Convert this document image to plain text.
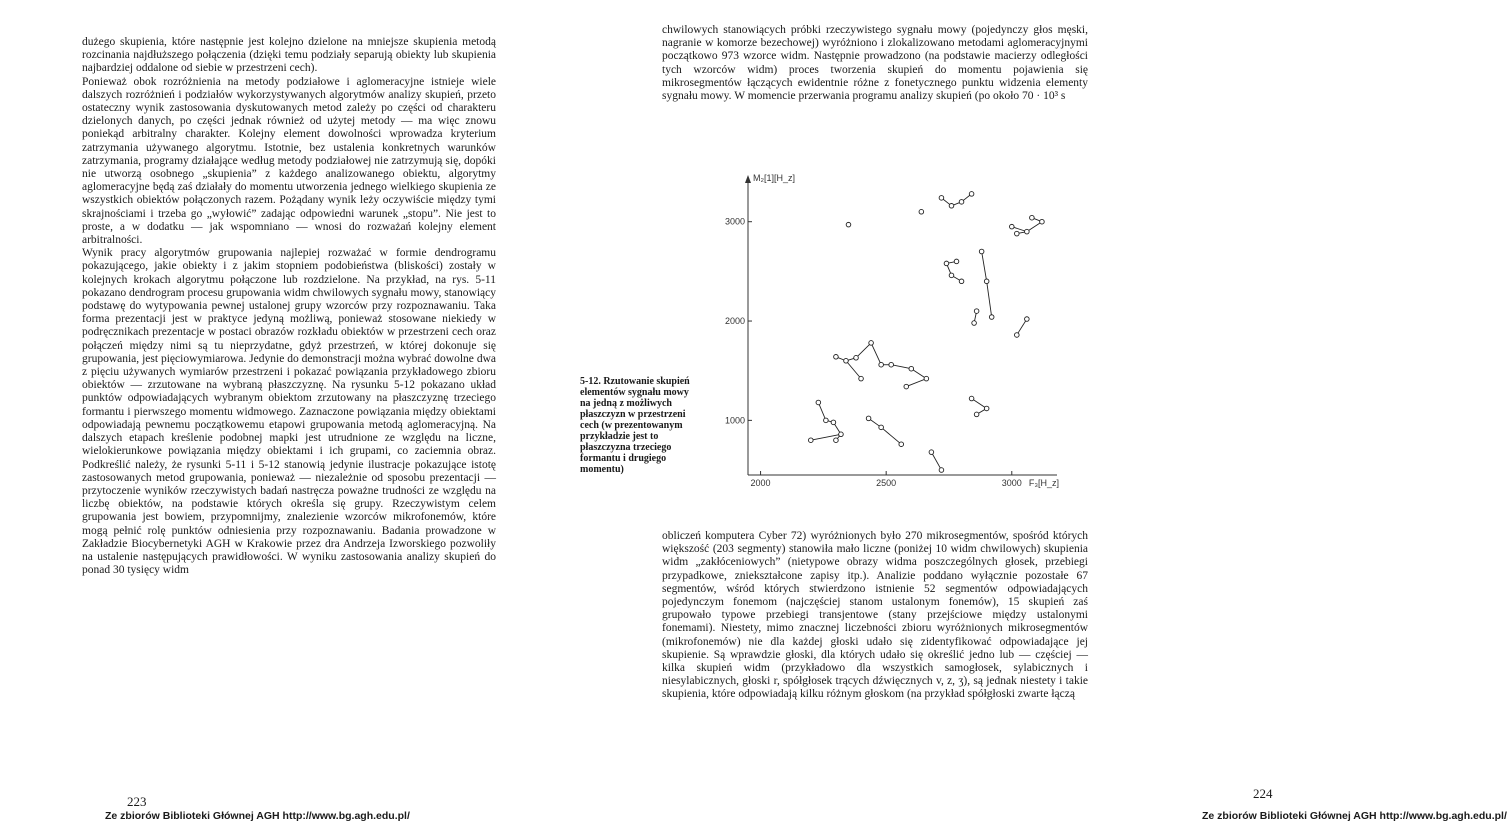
dużego skupienia, które następnie jest kolejno dzielone na mniejsze skupienia metodą rozcinania najdłuższego połączenia (dzięki temu podziały separują obiekty lub skupienia najbardziej oddalone od siebie w przestrzeni cech).

Ponieważ obok rozróżnienia na metody podziałowe i aglomeracyjne istnieje wiele dalszych rozróżnień i podziałów wykorzystywanych algorytmów analizy skupień, przeto ostateczny wynik zastosowania dyskutowanych metod zależy po części od charakteru dzielonych danych, po części jednak również od użytej metody — ma więc znowu poniekąd arbitralny charakter. Kolejny element dowolności wprowadza kryterium zatrzymania używanego algorytmu. Istotnie, bez ustalenia konkretnych warunków zatrzymania, programy działające według metody podziałowej nie zatrzymują się, dopóki nie utworzą osobnego „skupienia” z każdego analizowanego obiektu, algorytmy aglomeracyjne będą zaś działały do momentu utworzenia jednego wielkiego skupienia ze wszystkich obiektów połączonych razem. Pożądany wynik leży oczywiście między tymi skrajnościami i trzeba go „wyłowić” zadając odpowiedni warunek „stopu”. Nie jest to proste, a w dodatku — jak wspomniano — wnosi do rozważań kolejny element arbitralności.

Wynik pracy algorytmów grupowania najlepiej rozważać w formie dendrogramu pokazującego, jakie obiekty i z jakim stopniem podobieństwa (bliskości) zostały w kolejnych krokach algorytmu połączone lub rozdzielone. Na przykład, na rys. 5-11 pokazano dendrogram procesu grupowania widm chwilowych sygnału mowy, stanowiący podstawę do wytypowania pewnej ustalonej grupy wzorców przy rozpoznawaniu. Taka forma prezentacji jest w praktyce jedyną możliwą, ponieważ stosowane niekiedy w podręcznikach prezentacje w postaci obrazów rozkładu obiektów w przestrzeni cech oraz połączeń między nimi są tu nieprzydatne, gdyż przestrzeń, w której dokonuje się grupowania, jest pięciowymiarowa. Jedynie do demonstracji można wybrać dowolne dwa z pięciu używanych wymiarów przestrzeni i pokazać powiązania przykładowego zbioru obiektów — zrzutowane na wybraną płaszczyznę. Na rysunku 5-12 pokazano układ punktów odpowiadających wybranym obiektom zrzutowany na płaszczyznę trzeciego formantu i pierwszego momentu widmowego. Zaznaczone powiązania między obiektami odpowiadają pewnemu początkowemu etapowi grupowania metodą aglomeracyjną. Na dalszych etapach kreślenie podobnej mapki jest utrudnione ze względu na liczne, wielokierunkowe powiązania między obiektami i ich grupami, co zaciemnia obraz. Podkreślić należy, że rysunki 5-11 i 5-12 stanowią jedynie ilustracje pokazujące istotę zastosowanych metod grupowania, ponieważ — niezależnie od sposobu prezentacji — przytoczenie wyników rzeczywistych badań nastręcza poważne trudności ze względu na liczbę obiektów, na podstawie których określa się grupy. Rzeczywistym celem grupowania jest bowiem, przypomnijmy, znalezienie wzorców mikrofonemów, które mogą pełnić rolę punktów odniesienia przy rozpoznawaniu. Badania prowadzone w Zakładzie Biocybernetyki AGH w Krakowie przez dra Andrzeja Izworskiego pozwoliły na ustalenie następujących prawidłowości. W wyniku zastosowania analizy skupień do ponad 30 tysięcy widm

223
Ze zbiorów Biblioteki Głównej AGH http://www.bg.agh.edu.pl/

chwilowych stanowiących próbki rzeczywistego sygnału mowy (pojedynczy głos męski, nagranie w komorze bezechowej) wyróżniono i zlokalizowano metodami aglomeracyjnymi początkowo 973 wzorce widm. Następnie prowadzono (na podstawie macierzy odległości tych wzorców widm) proces tworzenia skupień do momentu pojawienia się mikrosegmentów łączących ewidentnie różne z fonetycznego punktu widzenia elementy sygnału mowy. W momencie przerwania programu analizy skupień (po około 70 · 10³ s

obliczeń komputera Cyber 72) wyróżnionych było 270 mikrosegmentów, spośród których większość (203 segmenty) stanowiła mało liczne (poniżej 10 widm chwilowych) skupienia widm „zakłóceniowych” (nietypowe obrazy widma poszczególnych głosek, przebiegi przypadkowe, zniekształcone zapisy itp.). Analizie poddano wyłącznie pozostałe 67 segmentów, wśród których stwierdzono istnienie 52 segmentów odpowiadających pojedynczym fonemom (najczęściej stanom ustalonym fonemów), 15 skupień zaś grupowało typowe przebiegi transjentowe (stany przejściowe między ustalonymi fonemami). Niestety, mimo znacznej liczebności zbioru wyróżnionych mikrosegmentów (mikrofonemów) nie dla każdej głoski udało się zidentyfikować odpowiadające jej skupienie. Są wprawdzie głoski, dla których udało się określić jedno lub — częściej — kilka skupień widm (przykładowo dla wszystkich samogłosek, sylabicznych i niesylabicznych, głoski r, spółgłosek trących dźwięcznych v, z, ʒ), są jednak niestety i takie skupienia, które odpowiadają kilku różnym głoskom (na przykład spółgłoski zwarte łączą

224
Ze zbiorów Biblioteki Głównej AGH http://www.bg.agh.edu.pl/
5-12. Rzutowanie skupień elementów sygnału mowy na jedną z możliwych płaszczyzn w przestrzeni cech (w prezentowanym przykładzie jest to płaszczyzna trzeciego formantu i drugiego momentu)
2000	2500	3000
1000
2000
3000
F₃[H_z]
M₂[1][H_z]
